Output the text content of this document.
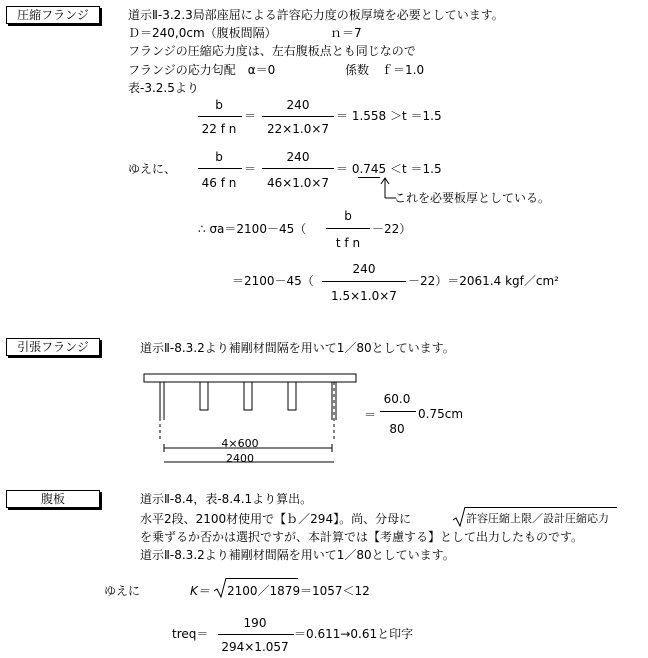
圧縮フランジ	道示Ⅱ-3.2.3局部座屈による許容応力度の板厚境を必要としています。
Ｄ＝240,0cm（腹板間隔）	ｎ＝7
フランジの圧縮応力度は、左右腹板点とも同じなので
フランジの応力匂配　α＝0	係数　ｆ＝1.0
表-3.2.5より
b
22 f n
＝
240
22×1.0×7
＝ 1.558 ＞t ＝1.5
ゆえに、
b
46 f n
＝
240
46×1.0×7
＝ 0.745 ＜t ＝1.5
これを必要板厚としている。
∴ σa＝2100－45（
b
t f n
－22）
＝2100－45（
240
1.5×1.0×7
－22）＝2061.4 kgf／cm²
引張フランジ	道示Ⅱ-8.3.2より補剛材間隔を用いて1／80としています。
4×600
2400
＝
60.0
80
0.75cm
腹板	道示Ⅱ-8.4，表-8.4.1より算出。
水平2段、2100材使用で【ｂ／294】。尚、分母に	許容圧縮上限／設計圧縮応力
を乗ずるか否かは選択ですが、本計算では【考慮する】として出力したものです。
道示Ⅱ-8.3.2より補剛材間隔を用いて1／80としています。
ゆえに	K＝ 2100／1879 ＝1057＜12
treq＝
190
294×1.057
＝0.611→0.61と印字
